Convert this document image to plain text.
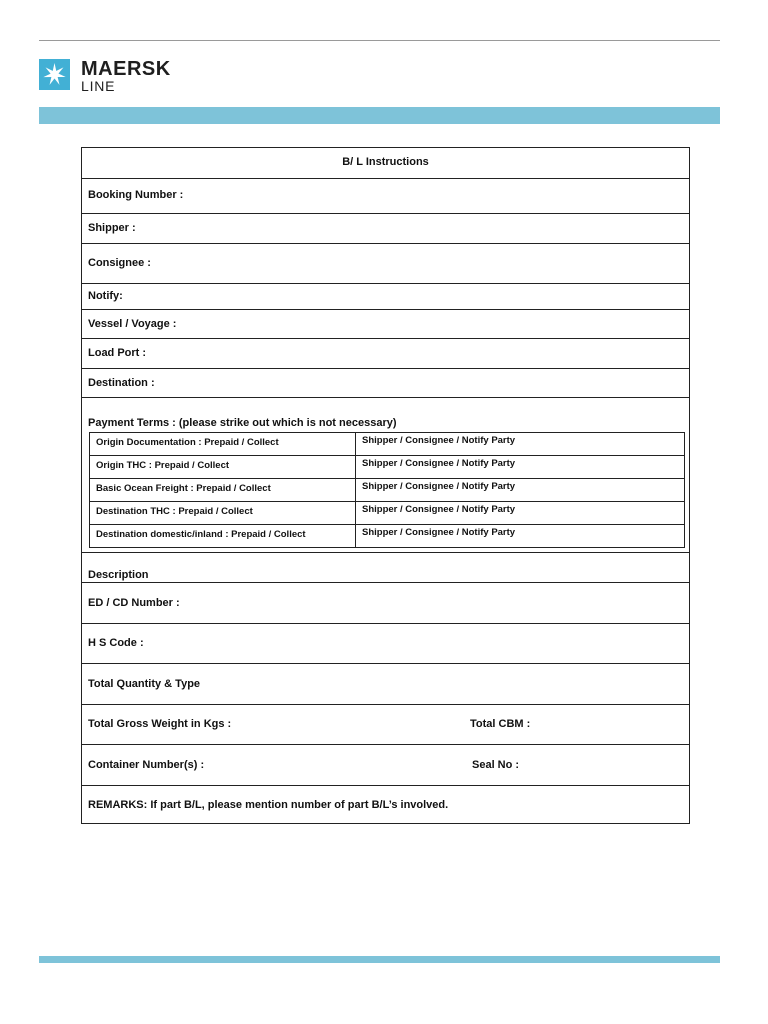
MAERSK
LINE
B/ L Instructions
Booking Number :
Shipper :
Consignee :
Notify:
Vessel / Voyage :
Load Port :
Destination :
Payment Terms : (please strike out which is not necessary)
Origin Documentation : Prepaid / Collect	Shipper / Consignee / Notify Party
Origin THC : Prepaid / Collect	Shipper / Consignee / Notify Party
Basic Ocean Freight : Prepaid / Collect	Shipper / Consignee / Notify Party
Destination THC : Prepaid / Collect	Shipper / Consignee / Notify Party
Destination domestic/inland : Prepaid / Collect	Shipper / Consignee / Notify Party
Description
ED / CD Number :
H S Code :
Total Quantity & Type
Total Gross Weight in Kgs :	Total CBM :
Container Number(s) :	Seal No :
REMARKS: If part B/L, please mention number of part B/L’s involved.
